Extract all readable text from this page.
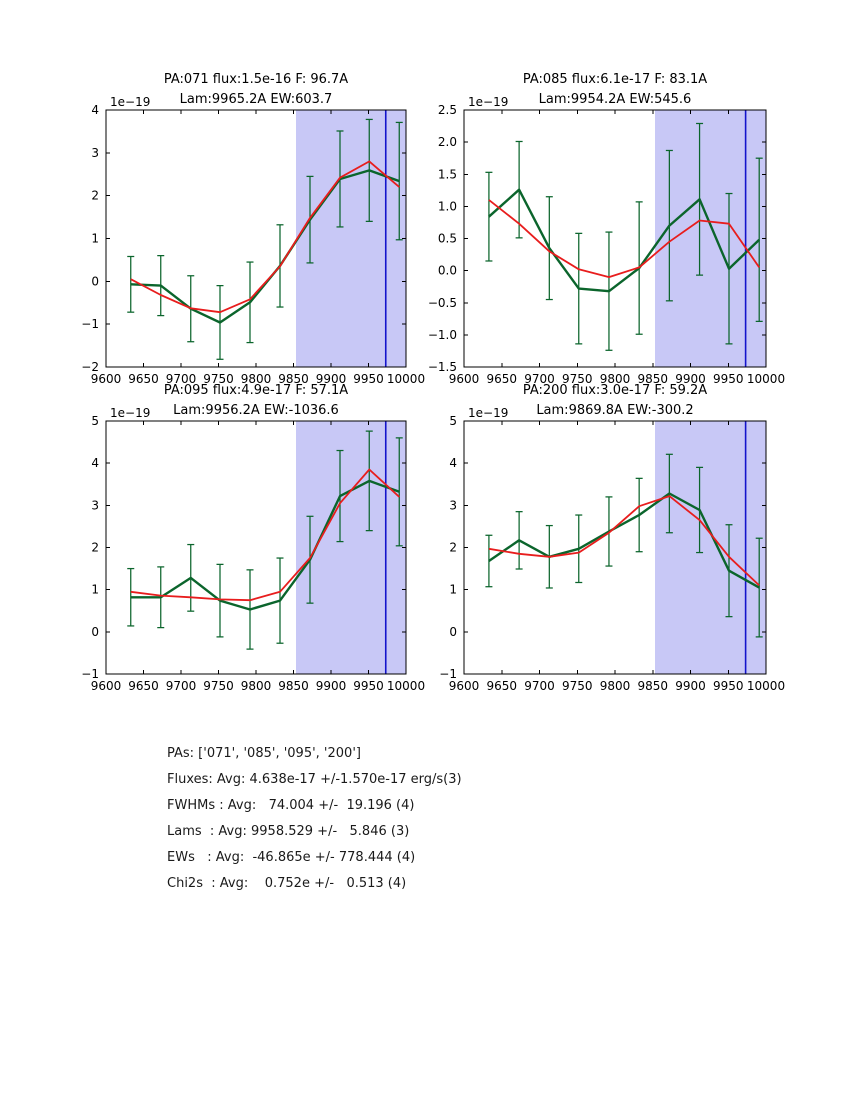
PA:071 flux:1.5e-16 F: 96.7A
Lam:9965.2A EW:603.7
9600 9650 9700 9750 9800 9850 9900 9950 10000
−2
−1
0
1
2
3
4
1e−19
PA:085 flux:6.1e-17 F: 83.1A
Lam:9954.2A EW:545.6
9600 9650 9700 9750 9800 9850 9900 9950 10000
−1.5
−1.0
−0.5
0.0
0.5
1.0
1.5
2.0
2.5
1e−19
PA:095 flux:4.9e-17 F: 57.1A
Lam:9956.2A EW:-1036.6
9600 9650 9700 9750 9800 9850 9900 9950 10000
−1
0
1
2
3
4
5
1e−19
PA:200 flux:3.0e-17 F: 59.2A
Lam:9869.8A EW:-300.2
9600 9650 9700 9750 9800 9850 9900 9950 10000
−1
0
1
2
3
4
5
1e−19
PAs: ['071', '085', '095', '200']
Fluxes: Avg: 4.638e-17 +/-1.570e-17 erg/s(3)
FWHMs : Avg:   74.004 +/-  19.196 (4)
Lams  : Avg: 9958.529 +/-   5.846 (3)
EWs   : Avg:  -46.865e +/- 778.444 (4)
Chi2s  : Avg:    0.752e +/-   0.513 (4)
